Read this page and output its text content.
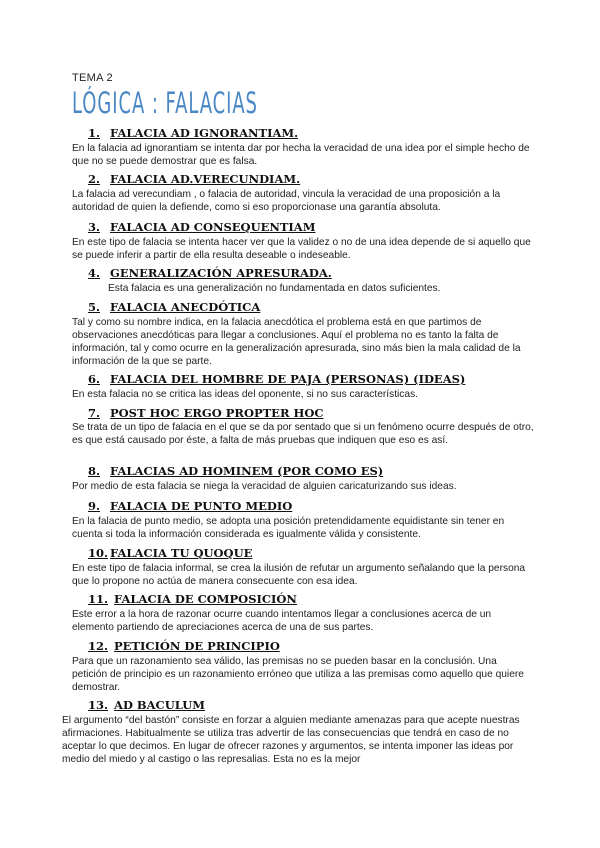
TEMA 2
LÓGICA : FALACIAS
1. FALACIA AD IGNORANTIAM.
En la falacia ad ignorantiam se intenta dar por hecha la veracidad de una idea por el simple hecho de que no se puede demostrar que es falsa.
2. FALACIA AD.VERECUNDIAM.
La falacia ad verecundiam , o falacia de autoridad, vincula la veracidad de una proposición a la autoridad de quien la defiende, como si eso proporcionase una garantía absoluta.
3. FALACIA AD CONSEQUENTIAM
En este tipo de falacia se intenta hacer ver que la validez o no de una idea depende de si aquello que se puede inferir a partir de ella resulta deseable o indeseable.
4. GENERALIZACIÓN APRESURADA.
Esta falacia es una generalización no fundamentada en datos suficientes.
5. FALACIA ANECDÓTICA
Tal y como su nombre indica, en la falacia anecdótica el problema está en que partimos de observaciones anecdóticas para llegar a conclusiones. Aquí el problema no es tanto la falta de información, tal y como ocurre en la generalización apresurada, sino más bien la mala calidad de la información de la que se parte.
6. FALACIA DEL HOMBRE DE PAJA (PERSONAS) (IDEAS)
En esta falacia no se critica las ideas del oponente, si no sus características.
7. POST HOC ERGO PROPTER HOC
Se trata de un tipo de falacia en el que se da por sentado que si un fenómeno ocurre después de otro, es que está causado por éste, a falta de más pruebas que indiquen que eso es así.
8. FALACIAS AD HOMINEM (POR COMO ES)
Por medio de esta falacia se niega la veracidad de alguien caricaturizando sus ideas.
9. FALACIA DE PUNTO MEDIO
En la falacia de punto medio, se adopta una posición pretendidamente equidistante sin tener en cuenta si toda la información considerada es igualmente válida y consistente.
10. FALACIA TU QUOQUE
En este tipo de falacia informal, se crea la ilusión de refutar un argumento señalando que la persona que lo propone no actúa de manera consecuente con esa idea.
11. FALACIA DE COMPOSICIÓN
Este error a la hora de razonar ocurre cuando intentamos llegar a conclusiones acerca de un elemento partiendo de apreciaciones acerca de una de sus partes.
12. PETICIÓN DE PRINCIPIO
Para que un razonamiento sea válido, las premisas no se pueden basar en la conclusión. Una petición de principio es un razonamiento erróneo que utiliza a las premisas como aquello que quiere demostrar.
13. AD BACULUM
El argumento “del bastón” consiste en forzar a alguien mediante amenazas para que acepte nuestras afirmaciones. Habitualmente se utiliza tras advertir de las consecuencias que tendrá en caso de no aceptar lo que decimos. En lugar de ofrecer razones y argumentos, se intenta imponer las ideas por medio del miedo y al castigo o las represalias. Esta no es la mejor
